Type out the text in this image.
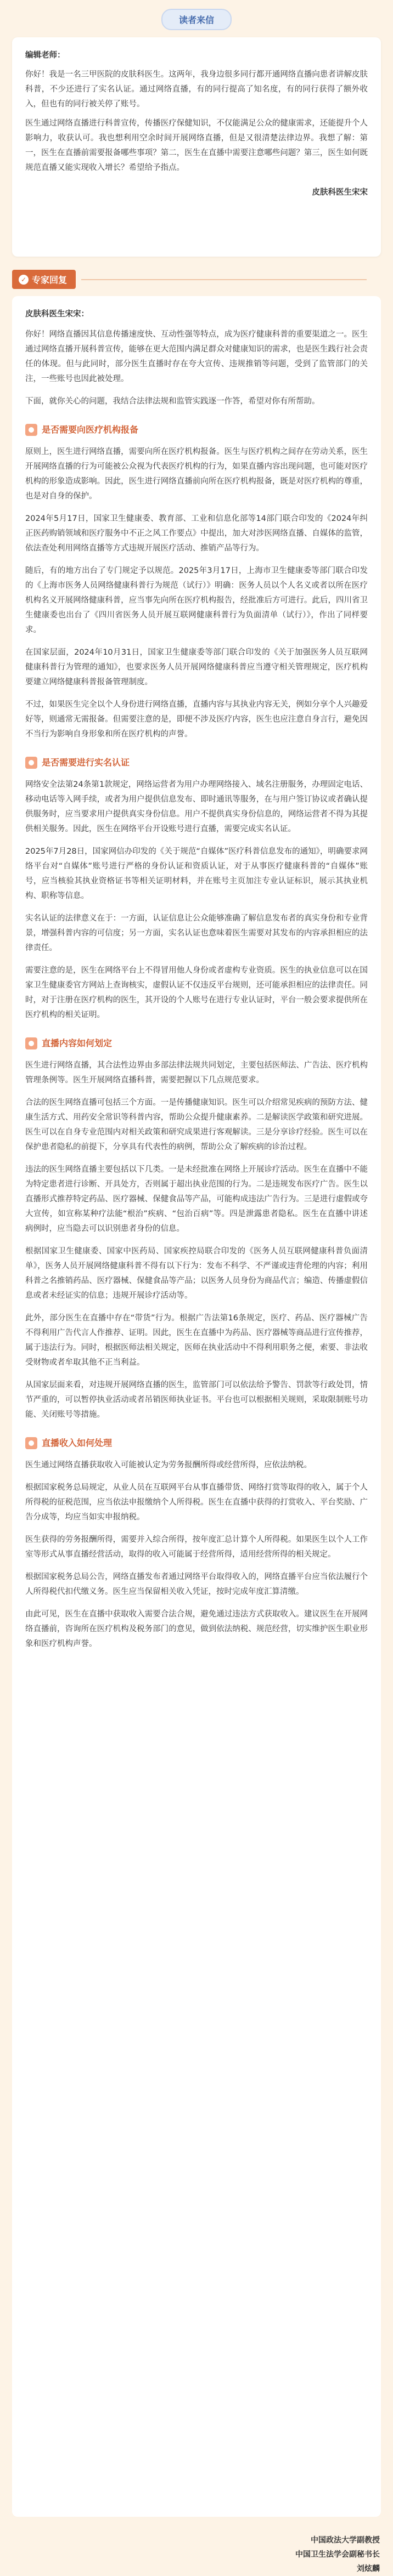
读者来信

编辑老师：

你好！我是一名三甲医院的皮肤科医生。这两年，我身边很多同行都开通网络直播向患者讲解皮肤科普，不少还进行了实名认证。通过网络直播，有的同行提高了知名度，有的同行获得了额外收入，但也有的同行被关停了账号。

医生通过网络直播进行科普宣传，传播医疗保健知识，不仅能满足公众的健康需求，还能提升个人影响力，收获认可。我也想利用空余时间开展网络直播，但是又很清楚法律边界。我想了解：第一，医生在直播前需要报备哪些事项？第二，医生在直播中需要注意哪些问题？第三，医生如何既规范直播又能实现收入增长？希望给予指点。

皮肤科医生宋宋

✓ 专家回复

皮肤科医生宋宋：

你好！网络直播因其信息传播速度快、互动性强等特点，成为医疗健康科普的重要渠道之一。医生通过网络直播开展科普宣传，能够在更大范围内满足群众对健康知识的需求，也是医生践行社会责任的体现。但与此同时，部分医生直播时存在夸大宣传、违规推销等问题，受到了监管部门的关注，一些账号也因此被处理。

下面，就你关心的问题，我结合法律法规和监管实践逐一作答，希望对你有所帮助。

是否需要向医疗机构报备

原则上，医生进行网络直播，需要向所在医疗机构报备。医生与医疗机构之间存在劳动关系，医生开展网络直播的行为可能被公众视为代表医疗机构的行为，如果直播内容出现问题，也可能对医疗机构的形象造成影响。因此，医生进行网络直播前向所在医疗机构报备，既是对医疗机构的尊重，也是对自身的保护。

2024年5月17日，国家卫生健康委、教育部、工业和信息化部等14部门联合印发的《2024年纠正医药购销领域和医疗服务中不正之风工作要点》中提出，加大对涉医网络直播、自媒体的监管，依法查处利用网络直播等方式违规开展医疗活动、推销产品等行为。

随后，有的地方出台了专门规定予以规范。2025年3月17日，上海市卫生健康委等部门联合印发的《上海市医务人员网络健康科普行为规范（试行）》明确：医务人员以个人名义或者以所在医疗机构名义开展网络健康科普，应当事先向所在医疗机构报告，经批准后方可进行。此后，四川省卫生健康委也出台了《四川省医务人员开展互联网健康科普行为负面清单（试行）》，作出了同样要求。

在国家层面，2024年10月31日，国家卫生健康委等部门联合印发的《关于加强医务人员互联网健康科普行为管理的通知》，也要求医务人员开展网络健康科普应当遵守相关管理规定，医疗机构要建立网络健康科普报备管理制度。

不过，如果医生完全以个人身份进行网络直播，直播内容与其执业内容无关，例如分享个人兴趣爱好等，则通常无需报备。但需要注意的是，即便不涉及医疗内容，医生也应注意自身言行，避免因不当行为影响自身形象和所在医疗机构的声誉。

是否需要进行实名认证

网络安全法第24条第1款规定，网络运营者为用户办理网络接入、域名注册服务，办理固定电话、移动电话等入网手续，或者为用户提供信息发布、即时通讯等服务，在与用户签订协议或者确认提供服务时，应当要求用户提供真实身份信息。用户不提供真实身份信息的，网络运营者不得为其提供相关服务。因此，医生在网络平台开设账号进行直播，需要完成实名认证。

2025年7月28日，国家网信办印发的《关于规范“自媒体”医疗科普信息发布的通知》，明确要求网络平台对“自媒体”账号进行严格的身份认证和资质认证，对于从事医疗健康科普的“自媒体”账号，应当核验其执业资格证书等相关证明材料，并在账号主页加注专业认证标识，展示其执业机构、职称等信息。

实名认证的法律意义在于：一方面，认证信息让公众能够准确了解信息发布者的真实身份和专业背景，增强科普内容的可信度；另一方面，实名认证也意味着医生需要对其发布的内容承担相应的法律责任。

需要注意的是，医生在网络平台上不得冒用他人身份或者虚构专业资质。医生的执业信息可以在国家卫生健康委官方网站上查询核实，虚假认证不仅违反平台规则，还可能承担相应的法律责任。同时，对于注册在医疗机构的医生，其开设的个人账号在进行专业认证时，平台一般会要求提供所在医疗机构的相关证明。

直播内容如何划定

医生进行网络直播，其合法性边界由多部法律法规共同划定，主要包括医师法、广告法、医疗机构管理条例等。医生开展网络直播科普，需要把握以下几点规范要求。

合法的医生网络直播可包括三个方面。一是传播健康知识。医生可以介绍常见疾病的预防方法、健康生活方式、用药安全常识等科普内容，帮助公众提升健康素养。二是解读医学政策和研究进展。医生可以在自身专业范围内对相关政策和研究成果进行客观解读。三是分享诊疗经验。医生可以在保护患者隐私的前提下，分享具有代表性的病例，帮助公众了解疾病的诊治过程。

违法的医生网络直播主要包括以下几类。一是未经批准在网络上开展诊疗活动。医生在直播中不能为特定患者进行诊断、开具处方，否则属于超出执业范围的行为。二是违规发布医疗广告。医生以直播形式推荐特定药品、医疗器械、保健食品等产品，可能构成违法广告行为。三是进行虚假或夸大宣传，如宣称某种疗法能“根治”疾病、“包治百病”等。四是泄露患者隐私。医生在直播中讲述病例时，应当隐去可以识别患者身份的信息。

根据国家卫生健康委、国家中医药局、国家疾控局联合印发的《医务人员互联网健康科普负面清单》，医务人员开展网络健康科普不得有以下行为：发布不科学、不严谨或违背伦理的内容；利用科普之名推销药品、医疗器械、保健食品等产品；以医务人员身份为商品代言；编造、传播虚假信息或者未经证实的信息；违规开展诊疗活动等。

此外，部分医生在直播中存在“带货”行为。根据广告法第16条规定，医疗、药品、医疗器械广告不得利用广告代言人作推荐、证明。因此，医生在直播中为药品、医疗器械等商品进行宣传推荐，属于违法行为。同时，根据医师法相关规定，医师在执业活动中不得利用职务之便，索要、非法收受财物或者牟取其他不正当利益。

从国家层面来看，对违规开展网络直播的医生，监管部门可以依法给予警告、罚款等行政处罚，情节严重的，可以暂停执业活动或者吊销医师执业证书。平台也可以根据相关规则，采取限制账号功能、关闭账号等措施。

直播收入如何处理

医生通过网络直播获取收入可能被认定为劳务报酬所得或经营所得，应依法纳税。

根据国家税务总局规定，从业人员在互联网平台从事直播带货、网络打赏等取得的收入，属于个人所得税的征税范围，应当依法申报缴纳个人所得税。医生在直播中获得的打赏收入、平台奖励、广告分成等，均应当如实申报纳税。

医生获得的劳务报酬所得，需要并入综合所得，按年度汇总计算个人所得税。如果医生以个人工作室等形式从事直播经营活动，取得的收入可能属于经营所得，适用经营所得的相关规定。

根据国家税务总局公告，网络直播发布者通过网络平台取得收入的，网络直播平台应当依法履行个人所得税代扣代缴义务。医生应当保留相关收入凭证，按时完成年度汇算清缴。

由此可见，医生在直播中获取收入需要合法合规，避免通过违法方式获取收入。建议医生在开展网络直播前，咨询所在医疗机构及税务部门的意见，做到依法纳税、规范经营，切实维护医生职业形象和医疗机构声誉。

中国政法大学副教授
中国卫生法学会副秘书长
刘炫麟
